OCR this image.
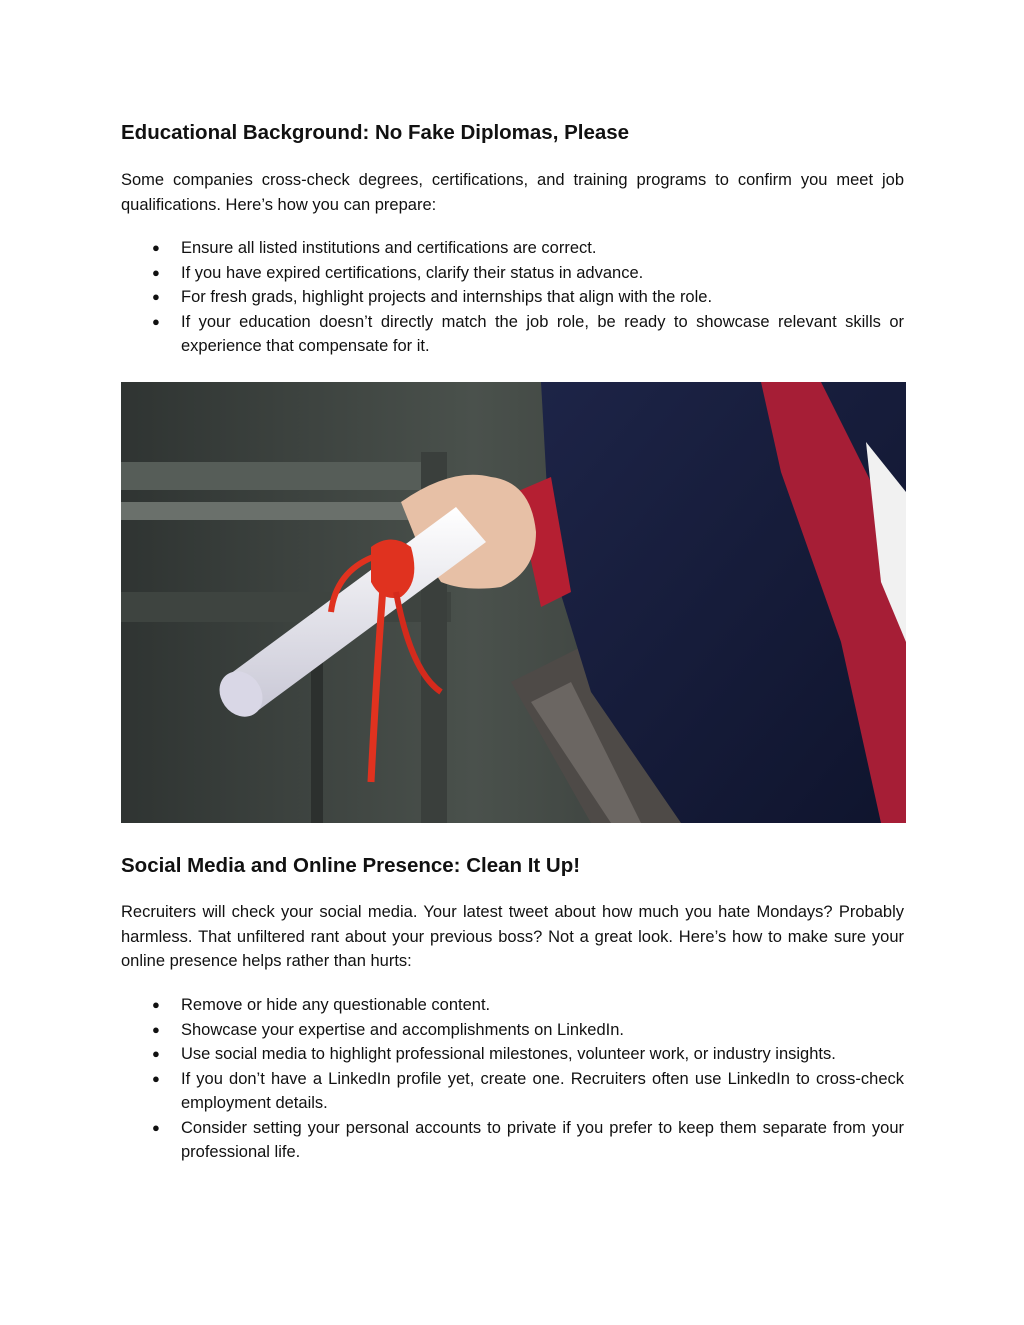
Educational Background: No Fake Diplomas, Please

Some companies cross-check degrees, certifications, and training programs to confirm you meet job qualifications. Here’s how you can prepare:

● Ensure all listed institutions and certifications are correct.
● If you have expired certifications, clarify their status in advance.
● For fresh grads, highlight projects and internships that align with the role.
● If your education doesn’t directly match the job role, be ready to showcase relevant skills or experience that compensate for it.
Social Media and Online Presence: Clean It Up!

Recruiters will check your social media. Your latest tweet about how much you hate Mondays? Probably harmless. That unfiltered rant about your previous boss? Not a great look. Here’s how to make sure your online presence helps rather than hurts:

● Remove or hide any questionable content.
● Showcase your expertise and accomplishments on LinkedIn.
● Use social media to highlight professional milestones, volunteer work, or industry insights.
● If you don’t have a LinkedIn profile yet, create one. Recruiters often use LinkedIn to cross-check employment details.
● Consider setting your personal accounts to private if you prefer to keep them separate from your professional life.
